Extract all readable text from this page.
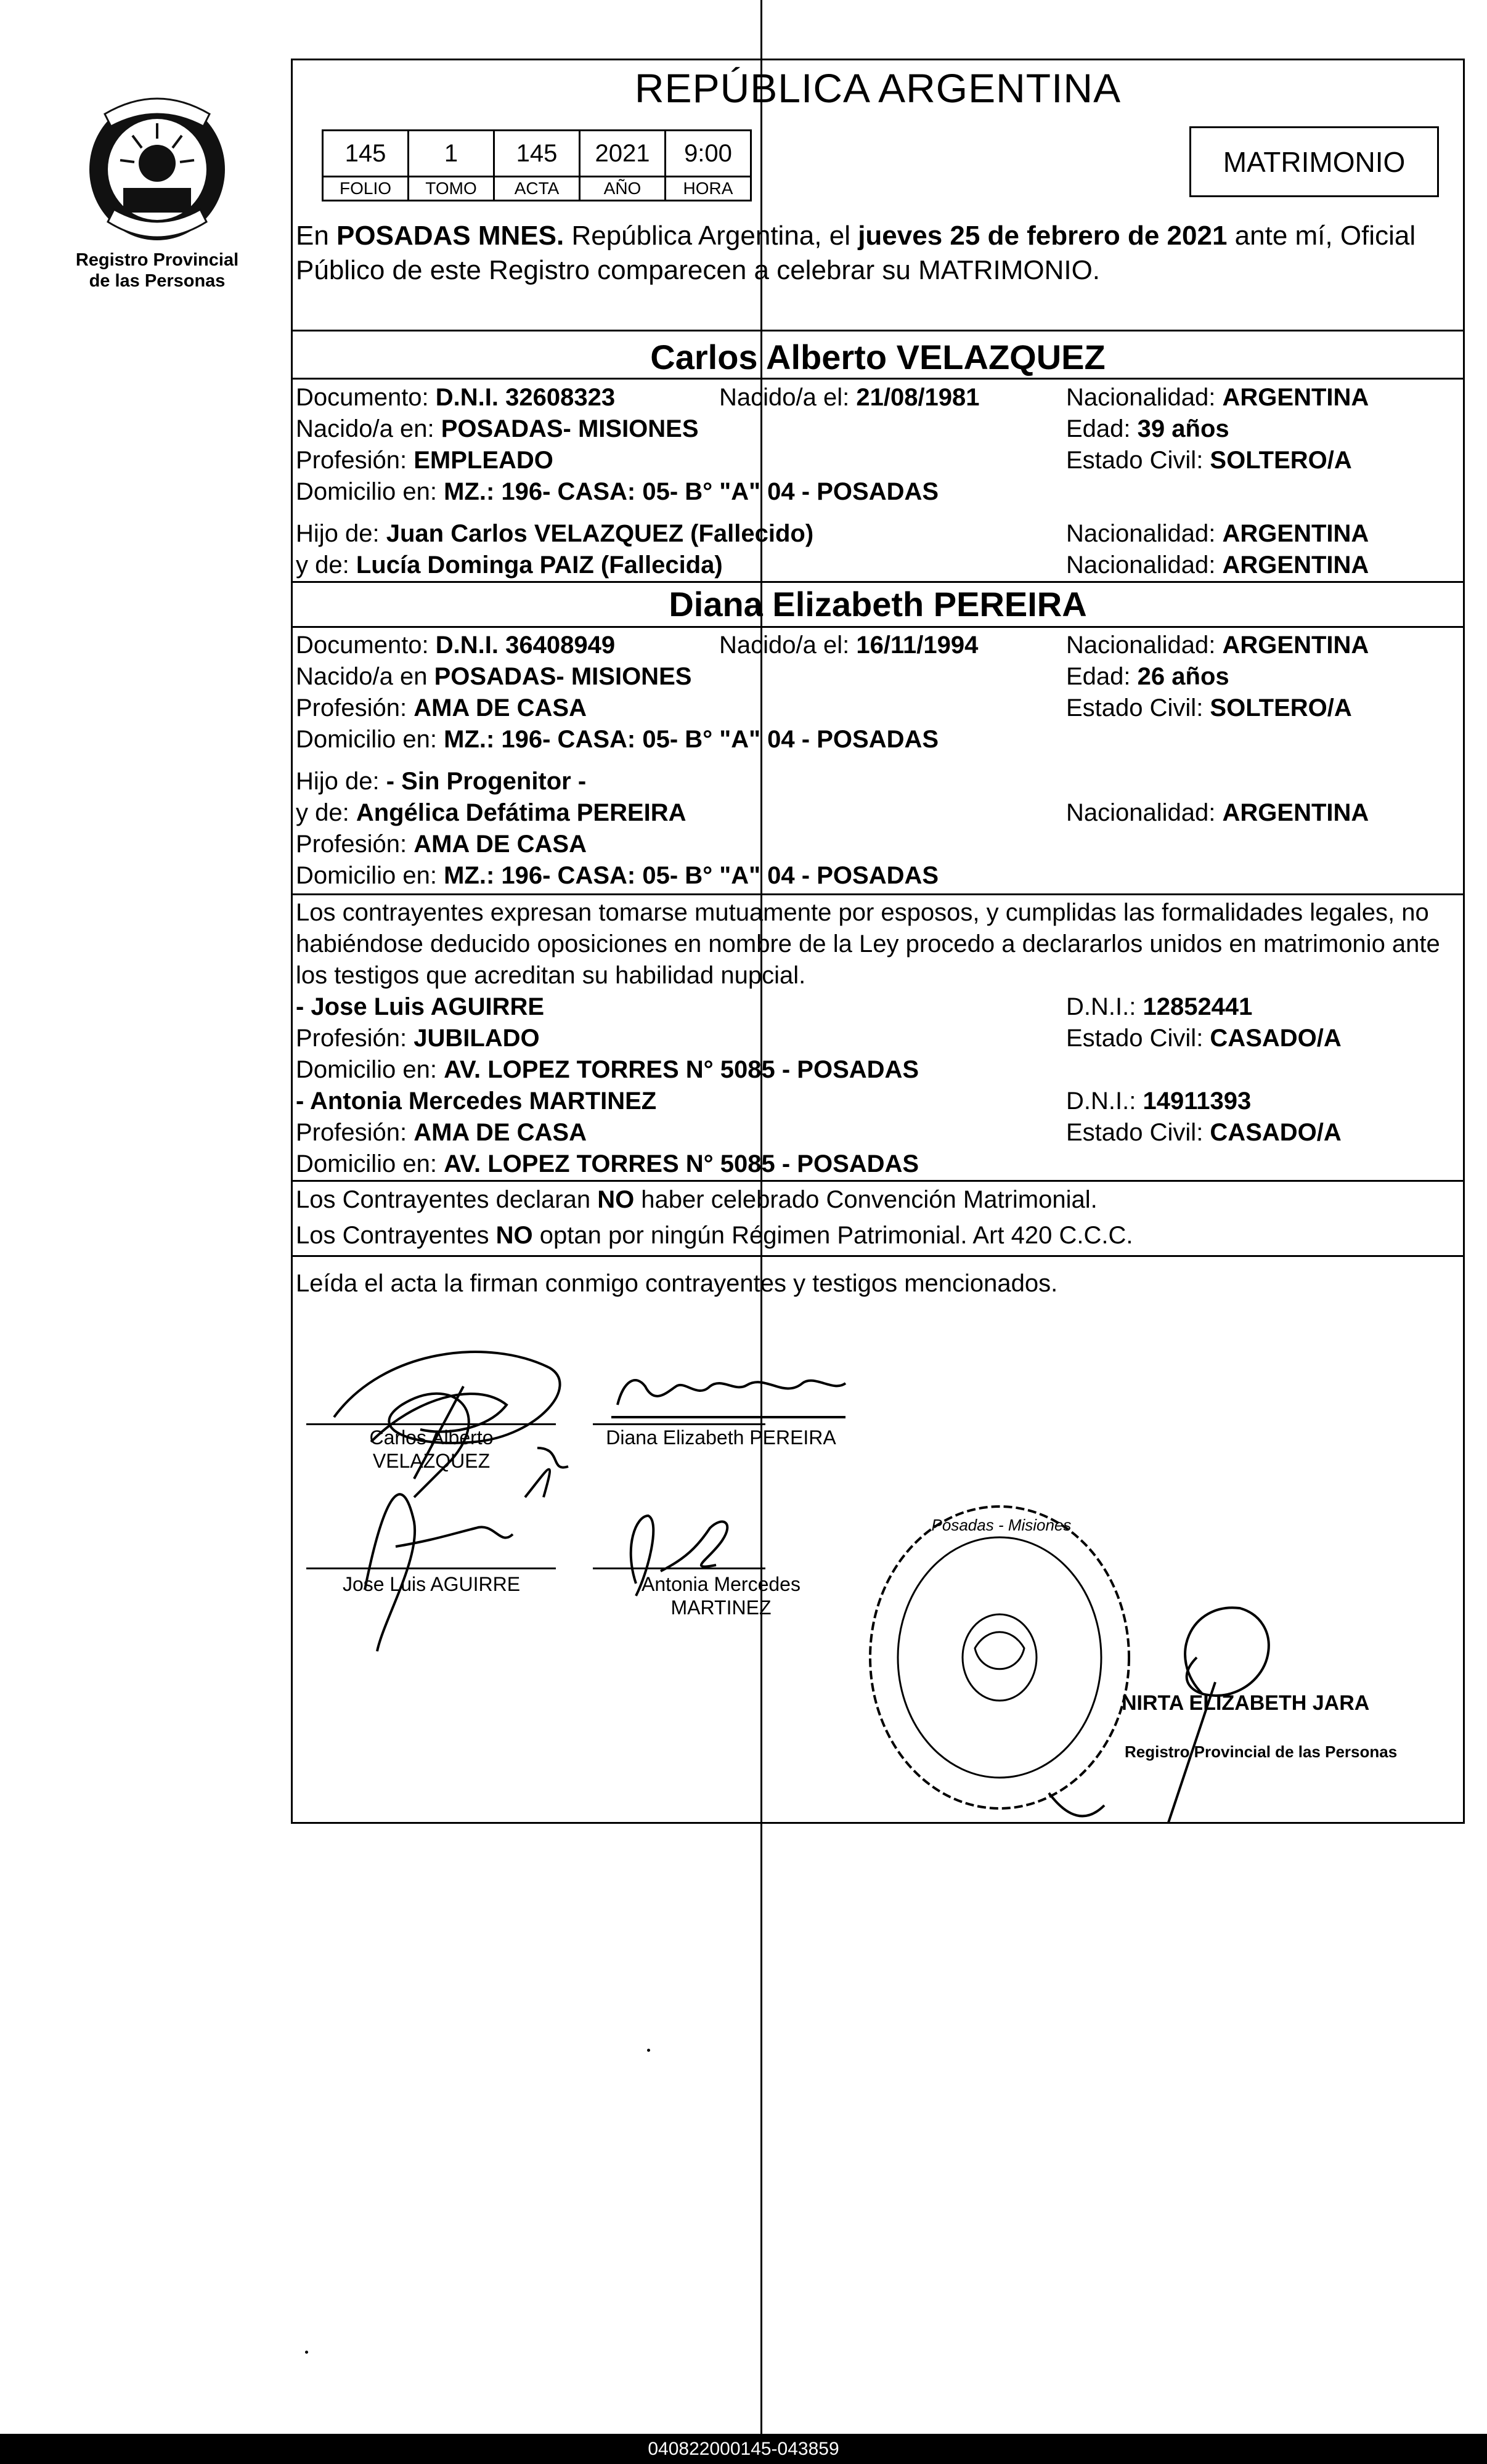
Registro Provincial
de las Personas
REPÚBLICA ARGENTINA
145	1	145	2021	9:00
FOLIO	TOMO	ACTA	AÑO	HORA
MATRIMONIO
En POSADAS MNES. República Argentina, el jueves 25 de febrero de 2021 ante mí, Oficial
Público de este Registro comparecen a celebrar su MATRIMONIO.
Carlos Alberto VELAZQUEZ
Documento: D.N.I. 32608323	Nacido/a el: 21/08/1981	Nacionalidad: ARGENTINA
Nacido/a en: POSADAS- MISIONES	Edad: 39 años
Profesión: EMPLEADO	Estado Civil: SOLTERO/A
Domicilio en: MZ.: 196- CASA: 05- B° "A" 04 - POSADAS
Hijo de: Juan Carlos VELAZQUEZ (Fallecido)	Nacionalidad: ARGENTINA
y de: Lucía Dominga PAIZ (Fallecida)	Nacionalidad: ARGENTINA
Diana Elizabeth PEREIRA
Documento: D.N.I. 36408949	Nacido/a el: 16/11/1994	Nacionalidad: ARGENTINA
Nacido/a en POSADAS- MISIONES	Edad: 26 años
Profesión: AMA DE CASA	Estado Civil: SOLTERO/A
Domicilio en: MZ.: 196- CASA: 05- B° "A" 04 - POSADAS
Hijo de: - Sin Progenitor -
y de: Angélica Defátima PEREIRA	Nacionalidad: ARGENTINA
Profesión: AMA DE CASA
Domicilio en: MZ.: 196- CASA: 05- B° "A" 04 - POSADAS
Los contrayentes expresan tomarse mutuamente por esposos, y cumplidas las formalidades legales, no
habiéndose deducido oposiciones en nombre de la Ley procedo a declararlos unidos en matrimonio ante
los testigos que acreditan su habilidad nupcial.
- Jose Luis AGUIRRE	D.N.I.: 12852441
Profesión: JUBILADO	Estado Civil: CASADO/A
Domicilio en: AV. LOPEZ TORRES N° 5085 - POSADAS
- Antonia Mercedes MARTINEZ	D.N.I.: 14911393
Profesión: AMA DE CASA	Estado Civil: CASADO/A
Domicilio en: AV. LOPEZ TORRES N° 5085 - POSADAS
Los Contrayentes declaran NO haber celebrado Convención Matrimonial.
Los Contrayentes NO optan por ningún Régimen Patrimonial. Art 420 C.C.C.
Leída el acta la firman conmigo contrayentes y testigos mencionados.
Posadas - Misiones
Carlos Alberto
VELAZQUEZ
Diana Elizabeth PEREIRA
Jose Luis AGUIRRE	Antonia Mercedes
MARTINEZ
NIRTA ELIZABETH JARA
Registro Provincial de las Personas
040822000145-043859
